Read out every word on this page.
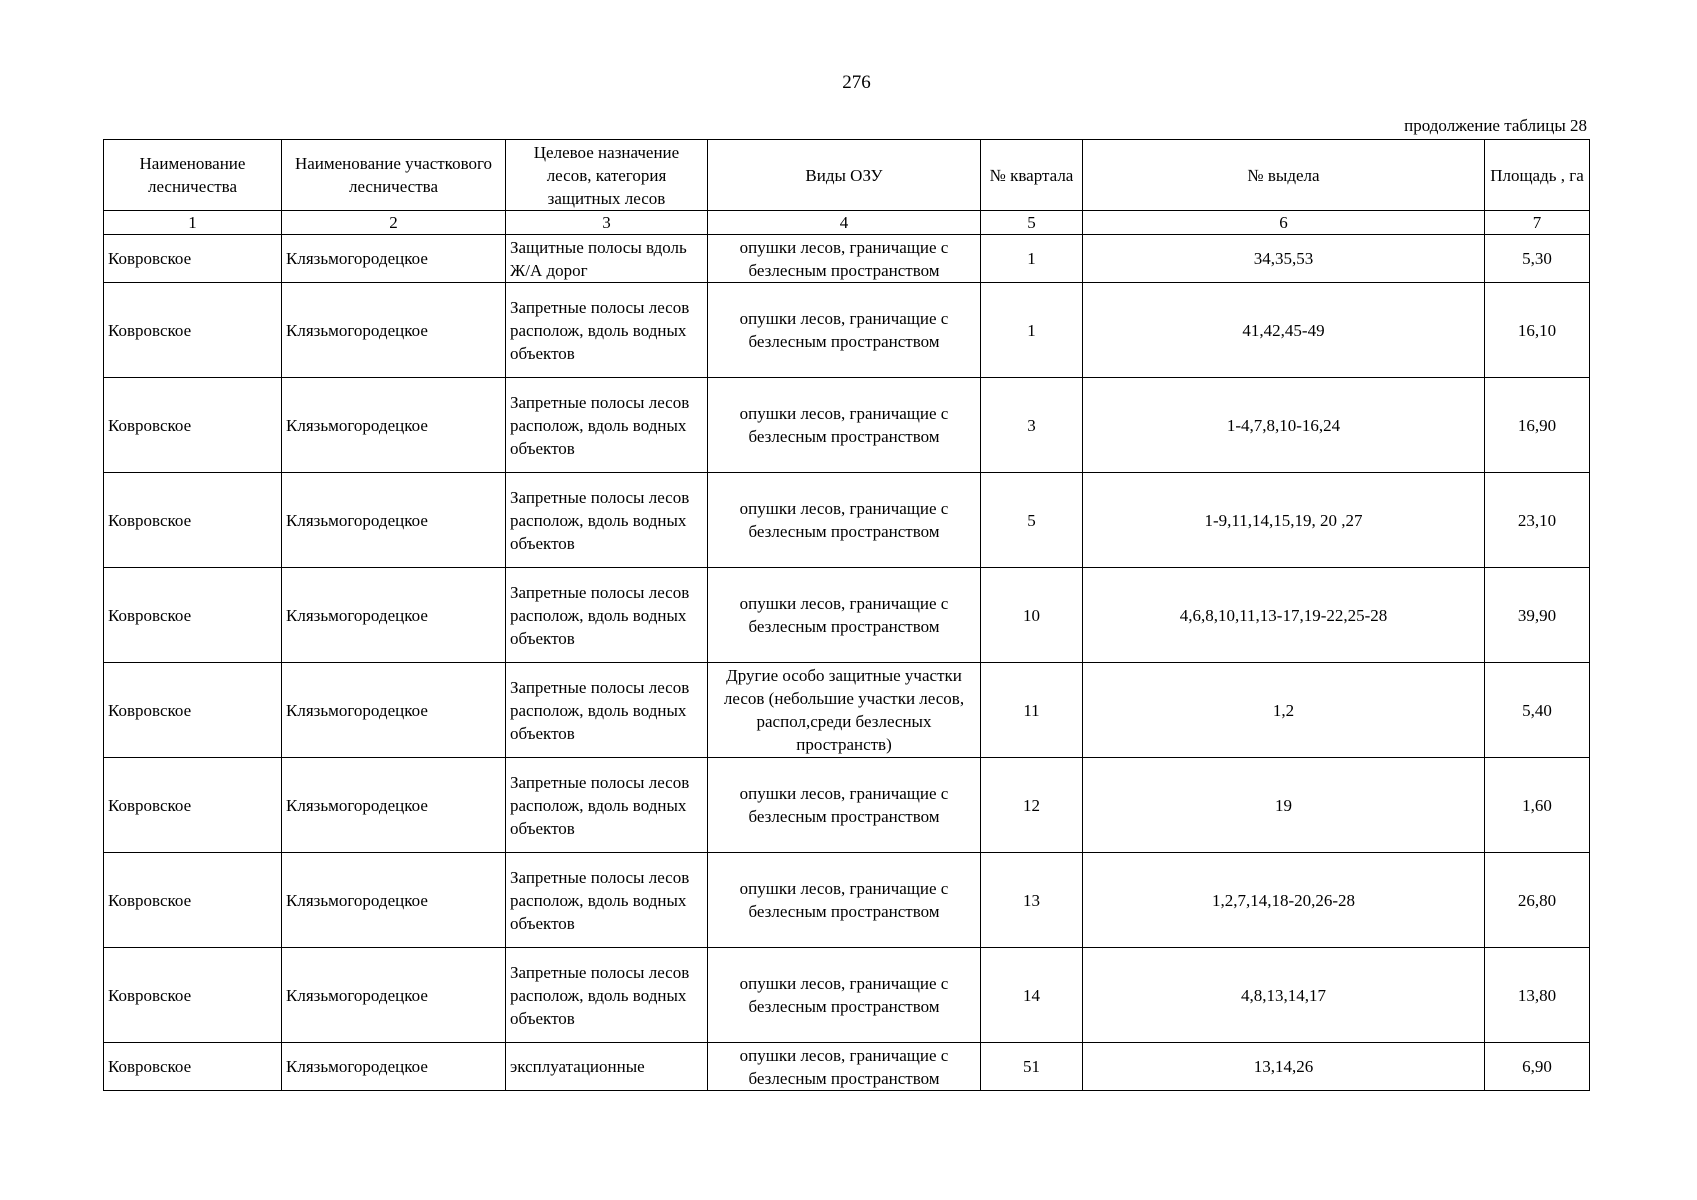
276
продолжение таблицы 28
Наименование лесничества	Наименование участкового лесничества	Целевое назначение лесов, категория защитных лесов	Виды ОЗУ	№ квартала	№ выдела	Площадь , га
1	2	3	4	5	6	7
Ковровское	Клязьмогородецкое	Защитные полосы вдоль Ж/А дорог	опушки лесов, граничащие с безлесным пространством	1	34,35,53	5,30
Ковровское	Клязьмогородецкое	Запретные полосы лесов располож, вдоль водных объектов	опушки лесов, граничащие с безлесным пространством	1	41,42,45-49	16,10
Ковровское	Клязьмогородецкое	Запретные полосы лесов располож, вдоль водных объектов	опушки лесов, граничащие с безлесным пространством	3	1-4,7,8,10-16,24	16,90
Ковровское	Клязьмогородецкое	Запретные полосы лесов располож, вдоль водных объектов	опушки лесов, граничащие с безлесным пространством	5	1-9,11,14,15,19, 20 ,27	23,10
Ковровское	Клязьмогородецкое	Запретные полосы лесов располож, вдоль водных объектов	опушки лесов, граничащие с безлесным пространством	10	4,6,8,10,11,13-17,19-22,25-28	39,90
Ковровское	Клязьмогородецкое	Запретные полосы лесов располож, вдоль водных объектов	Другие особо защитные участки лесов (небольшие участки лесов, распол,среди безлесных пространств)	11	1,2	5,40
Ковровское	Клязьмогородецкое	Запретные полосы лесов располож, вдоль водных объектов	опушки лесов, граничащие с безлесным пространством	12	19	1,60
Ковровское	Клязьмогородецкое	Запретные полосы лесов располож, вдоль водных объектов	опушки лесов, граничащие с безлесным пространством	13	1,2,7,14,18-20,26-28	26,80
Ковровское	Клязьмогородецкое	Запретные полосы лесов располож, вдоль водных объектов	опушки лесов, граничащие с безлесным пространством	14	4,8,13,14,17	13,80
Ковровское	Клязьмогородецкое	эксплуатационные	опушки лесов, граничащие с безлесным пространством	51	13,14,26	6,90
